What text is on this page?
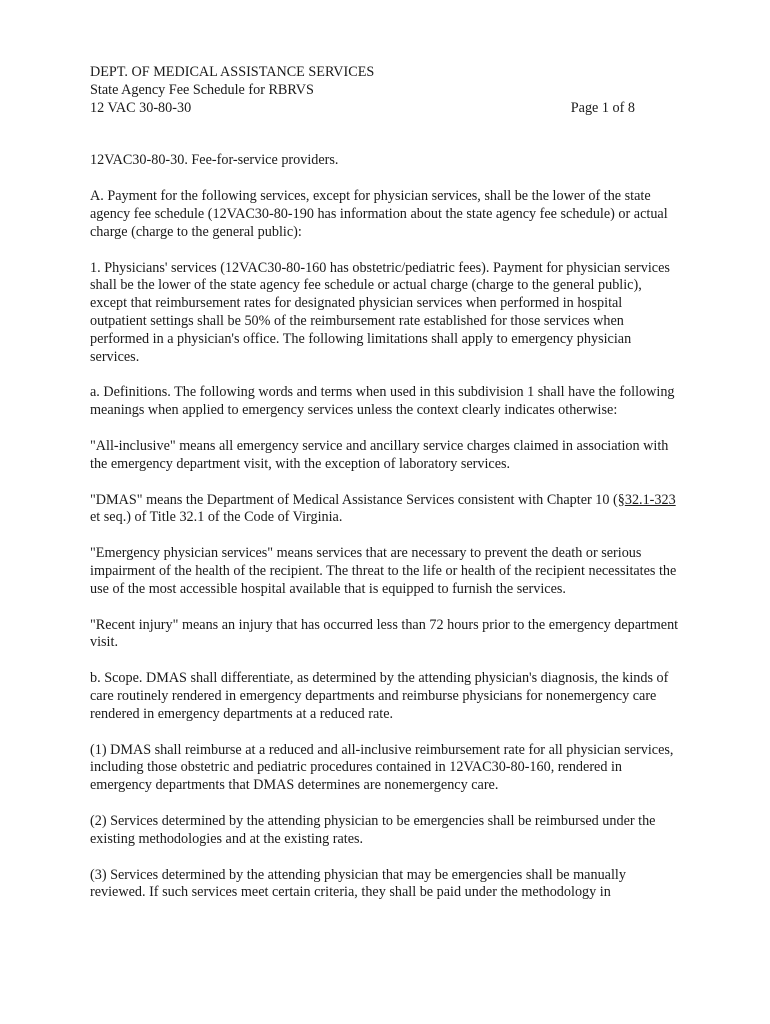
DEPT. OF MEDICAL ASSISTANCE SERVICES

State Agency Fee Schedule for RBRVS

12 VAC 30-80-30	Page 1 of 8

12VAC30-80-30. Fee-for-service providers.

A. Payment for the following services, except for physician services, shall be the lower of the state agency fee schedule (12VAC30-80-190 has information about the state agency fee schedule) or actual charge (charge to the general public):

1. Physicians' services (12VAC30-80-160 has obstetric/pediatric fees). Payment for physician services shall be the lower of the state agency fee schedule or actual charge (charge to the general public), except that reimbursement rates for designated physician services when performed in hospital outpatient settings shall be 50% of the reimbursement rate established for those services when performed in a physician's office. The following limitations shall apply to emergency physician services.

a. Definitions. The following words and terms when used in this subdivision 1 shall have the following meanings when applied to emergency services unless the context clearly indicates otherwise:

"All-inclusive" means all emergency service and ancillary service charges claimed in association with the emergency department visit, with the exception of laboratory services.

"DMAS" means the Department of Medical Assistance Services consistent with Chapter 10 (§32.1-323 et seq.) of Title 32.1 of the Code of Virginia.

"Emergency physician services" means services that are necessary to prevent the death or serious impairment of the health of the recipient. The threat to the life or health of the recipient necessitates the use of the most accessible hospital available that is equipped to furnish the services.

"Recent injury" means an injury that has occurred less than 72 hours prior to the emergency department visit.

b. Scope. DMAS shall differentiate, as determined by the attending physician's diagnosis, the kinds of care routinely rendered in emergency departments and reimburse physicians for nonemergency care rendered in emergency departments at a reduced rate.

(1) DMAS shall reimburse at a reduced and all-inclusive reimbursement rate for all physician services, including those obstetric and pediatric procedures contained in 12VAC30-80-160, rendered in emergency departments that DMAS determines are nonemergency care.

(2) Services determined by the attending physician to be emergencies shall be reimbursed under the existing methodologies and at the existing rates.

(3) Services determined by the attending physician that may be emergencies shall be manually reviewed. If such services meet certain criteria, they shall be paid under the methodology in
